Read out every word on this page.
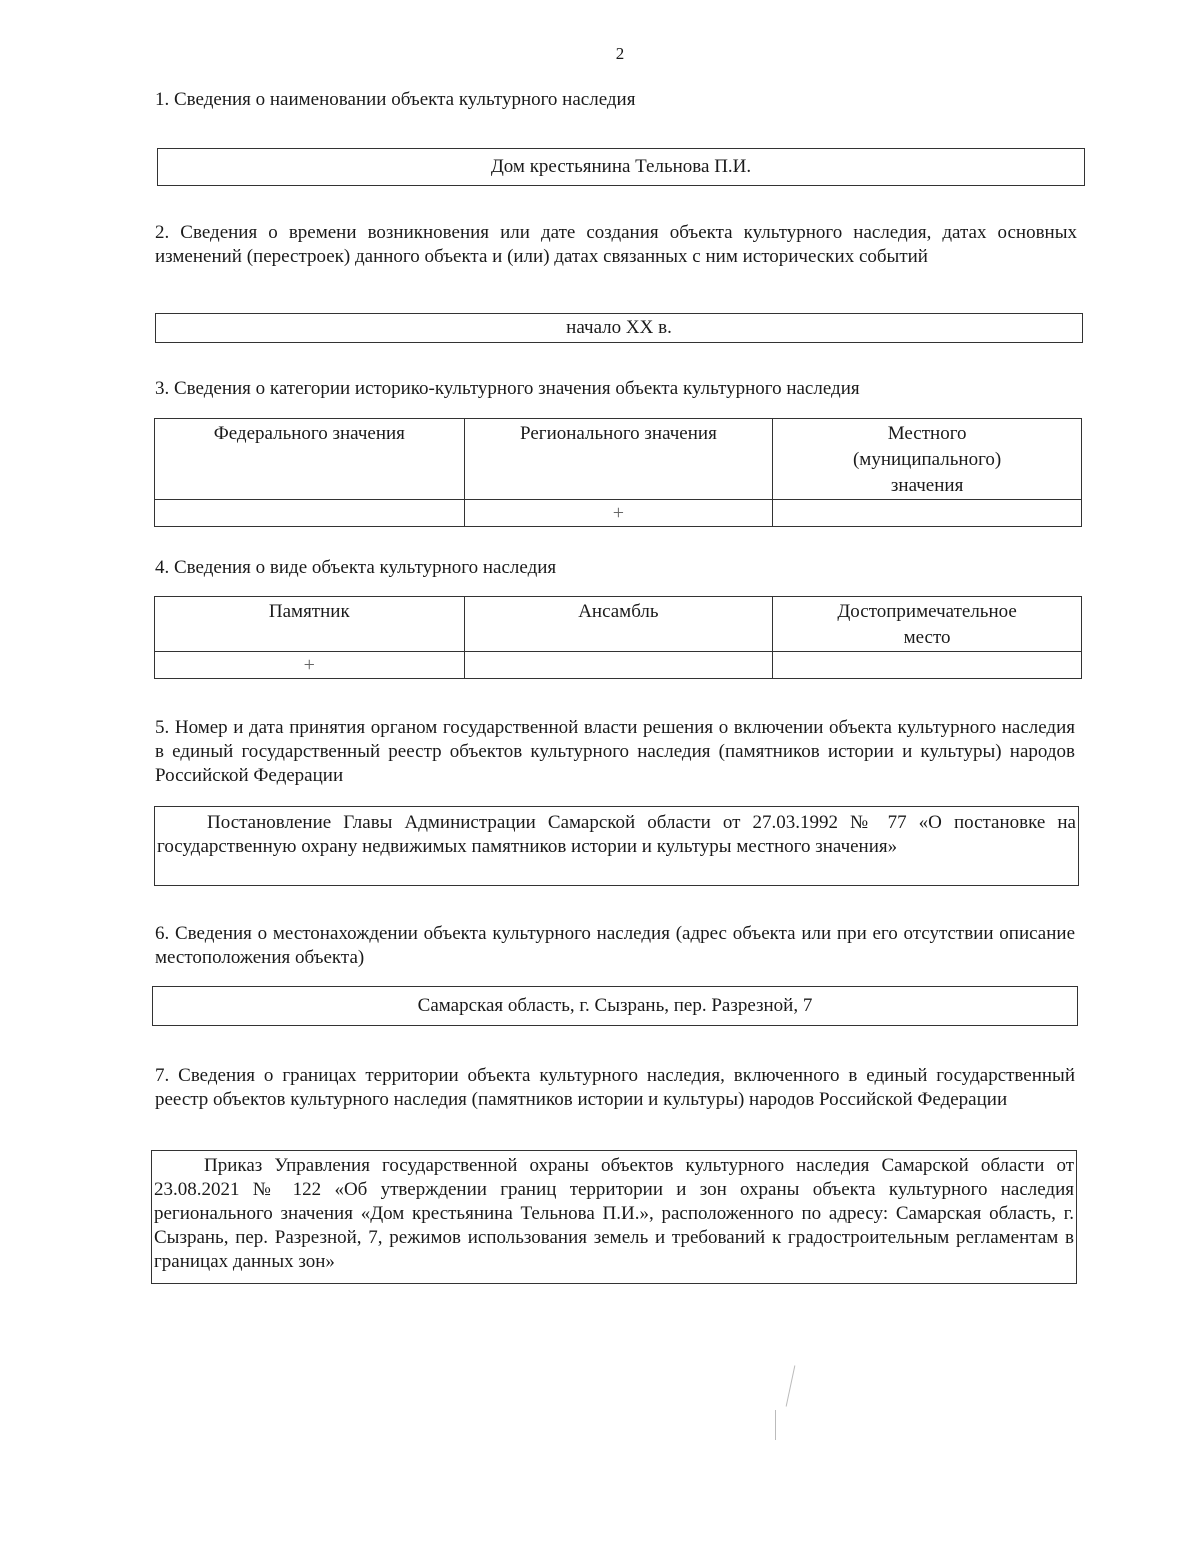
2
1. Сведения о наименовании объекта культурного наследия
Дом крестьянина Тельнова П.И.
2. Сведения о времени возникновения или дате создания объекта культурного наследия, датах основных изменений (перестроек) данного объекта и (или) датах связанных с ним исторических событий
начало XX в.
3. Сведения о категории историко-культурного значения объекта культурного наследия
Федерального значения	Регионального значения	Местного (муниципального) значения
	+	
4. Сведения о виде объекта культурного наследия
Памятник	Ансамбль	Достопримечательное место
+		
5. Номер и дата принятия органом государственной власти решения о включении объекта культурного наследия в единый государственный реестр объектов культурного наследия (памятников истории и культуры) народов Российской Федерации
Постановление Главы Администрации Самарской области от 27.03.1992 № 77 «О постановке на государственную охрану недвижимых памятников истории и культуры местного значения»
6. Сведения о местонахождении объекта культурного наследия (адрес объекта или при его отсутствии описание местоположения объекта)
Самарская область, г. Сызрань, пер. Разрезной, 7
7. Сведения о границах территории объекта культурного наследия, включенного в единый государственный реестр объектов культурного наследия (памятников истории и культуры) народов Российской Федерации
Приказ Управления государственной охраны объектов культурного наследия Самарской области от 23.08.2021 № 122 «Об утверждении границ территории и зон охраны объекта культурного наследия регионального значения «Дом крестьянина Тельнова П.И.», расположенного по адресу: Самарская область, г. Сызрань, пер. Разрезной, 7, режимов использования земель и требований к градостроительным регламентам в границах данных зон»
